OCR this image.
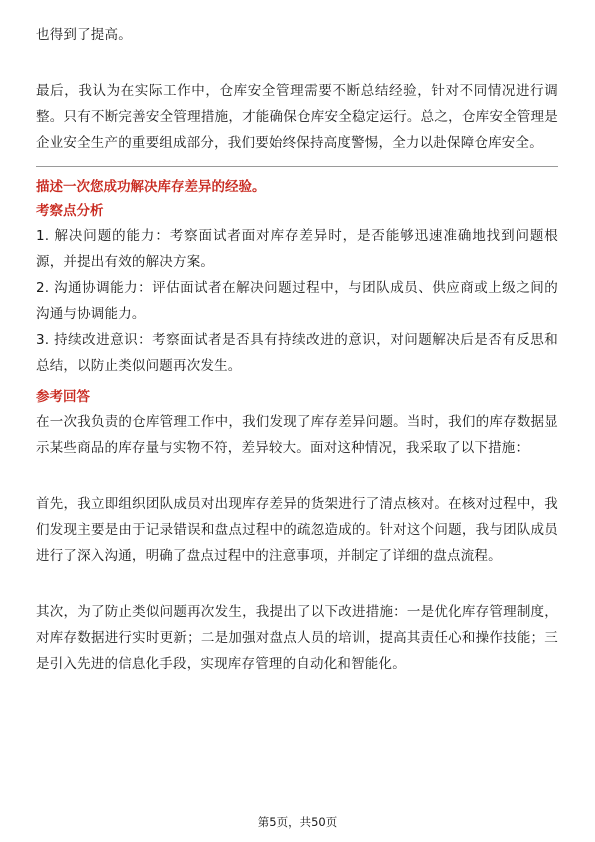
也得到了提高。

最后，我认为在实际工作中，仓库安全管理需要不断总结经验，针对不同情况进行调整。只有不断完善安全管理措施，才能确保仓库安全稳定运行。总之，仓库安全管理是企业安全生产的重要组成部分，我们要始终保持高度警惕，全力以赴保障仓库安全。

描述一次您成功解决库存差异的经验。

考察点分析

1. 解决问题的能力：考察面试者面对库存差异时，是否能够迅速准确地找到问题根源，并提出有效的解决方案。

2. 沟通协调能力：评估面试者在解决问题过程中，与团队成员、供应商或上级之间的沟通与协调能力。

3. 持续改进意识：考察面试者是否具有持续改进的意识，对问题解决后是否有反思和总结，以防止类似问题再次发生。

参考回答

在一次我负责的仓库管理工作中，我们发现了库存差异问题。当时，我们的库存数据显示某些商品的库存量与实物不符，差异较大。面对这种情况，我采取了以下措施：

首先，我立即组织团队成员对出现库存差异的货架进行了清点核对。在核对过程中，我们发现主要是由于记录错误和盘点过程中的疏忽造成的。针对这个问题，我与团队成员进行了深入沟通，明确了盘点过程中的注意事项，并制定了详细的盘点流程。

其次，为了防止类似问题再次发生，我提出了以下改进措施：一是优化库存管理制度，对库存数据进行实时更新；二是加强对盘点人员的培训，提高其责任心和操作技能；三是引入先进的信息化手段，实现库存管理的自动化和智能化。

第5页，共50页
